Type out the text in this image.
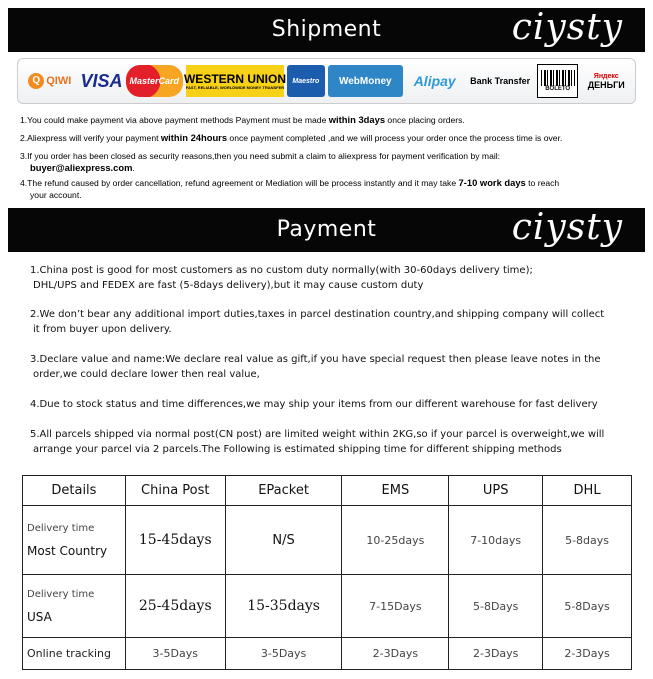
Shipment	ciysty
Q QIWI VISA MasterCard WESTERN UNION
FAST, RELIABLE, WORLDWIDE MONEY TRANSFER
Maestro	WebMoney	Alipay	Bank Transfer
BOLETO
Яндекс
ДЕНЬГИ
1.You could make payment via above payment methods Payment must be made within 3days once placing orders.
2.Aliexpress will verify your payment within 24hours once payment completed ,and we will process your order once the process time is over.
3.If you order has been closed as security reasons,then you need submit a claim to aliexpress for payment verification by mail:
buyer@aliexpress.com.
4.The refund caused by order cancellation, refund agreement or Mediation will be process instantly and it may take 7-10 work days to reach
your account.
Payment	ciysty
1.China post is good for most customers as no custom duty normally(with 30-60days delivery time);
DHL/UPS and FEDEX are fast (5-8days delivery),but it may cause custom duty
2.We don’t bear any additional import duties,taxes in parcel destination country,and shipping company will collect
it from buyer upon delivery.
3.Declare value and name:We declare real value as gift,if you have special request then please leave notes in the
order,we could declare lower then real value,
4.Due to stock status and time differences,we may ship your items from our different warehouse for fast delivery
5.All parcels shipped via normal post(CN post) are limited weight within 2KG,so if your parcel is overweight,we will
arrange your parcel via 2 parcels.The Following is estimated shipping time for different shipping methods
Details	China Post	EPacket	EMS	UPS	DHL

Delivery time
Most Country	15-45days	N/S	10-25days	7-10days	5-8days

Delivery time
USA	25-45days	15-35days	7-15Days	5-8Days	5-8Days
Online tracking	3-5Days	3-5Days	2-3Days	2-3Days	2-3Days
